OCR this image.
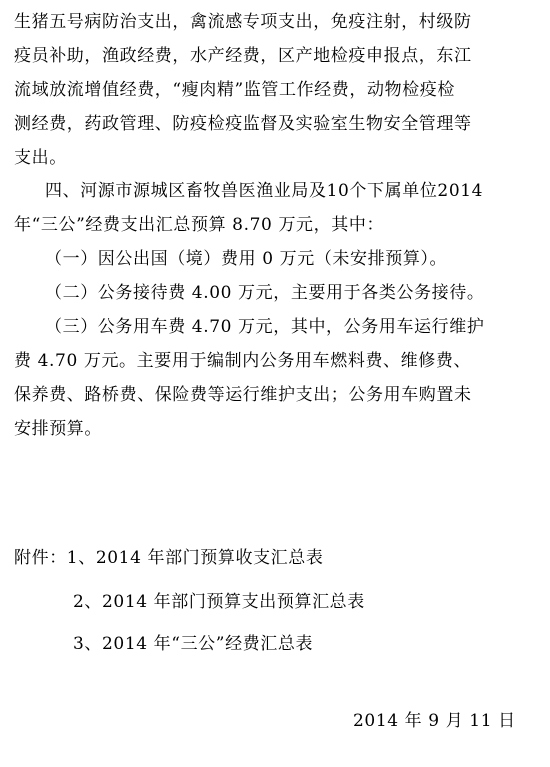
生猪五号病防治支出，禽流感专项支出，免疫注射，村级防
疫员补助，渔政经费，水产经费，区产地检疫申报点，东江
流域放流增值经费，“瘦肉精”监管工作经费，动物检疫检
测经费，药政管理、防疫检疫监督及实验室生物安全管理等
支出。
四、河源市源城区畜牧兽医渔业局及10个下属单位2014
年“三公”经费支出汇总预算 8.70 万元，其中：
（一）因公出国（境）费用 0 万元（未安排预算）。
（二）公务接待费 4.00 万元，主要用于各类公务接待。
（三）公务用车费 4.70 万元，其中，公务用车运行维护
费 4.70 万元。主要用于编制内公务用车燃料费、维修费、
保养费、路桥费、保险费等运行维护支出；公务用车购置未
安排预算。
附件：1、2014 年部门预算收支汇总表
2、2014 年部门预算支出预算汇总表
3、2014 年“三公”经费汇总表
2014 年 9 月 11 日
